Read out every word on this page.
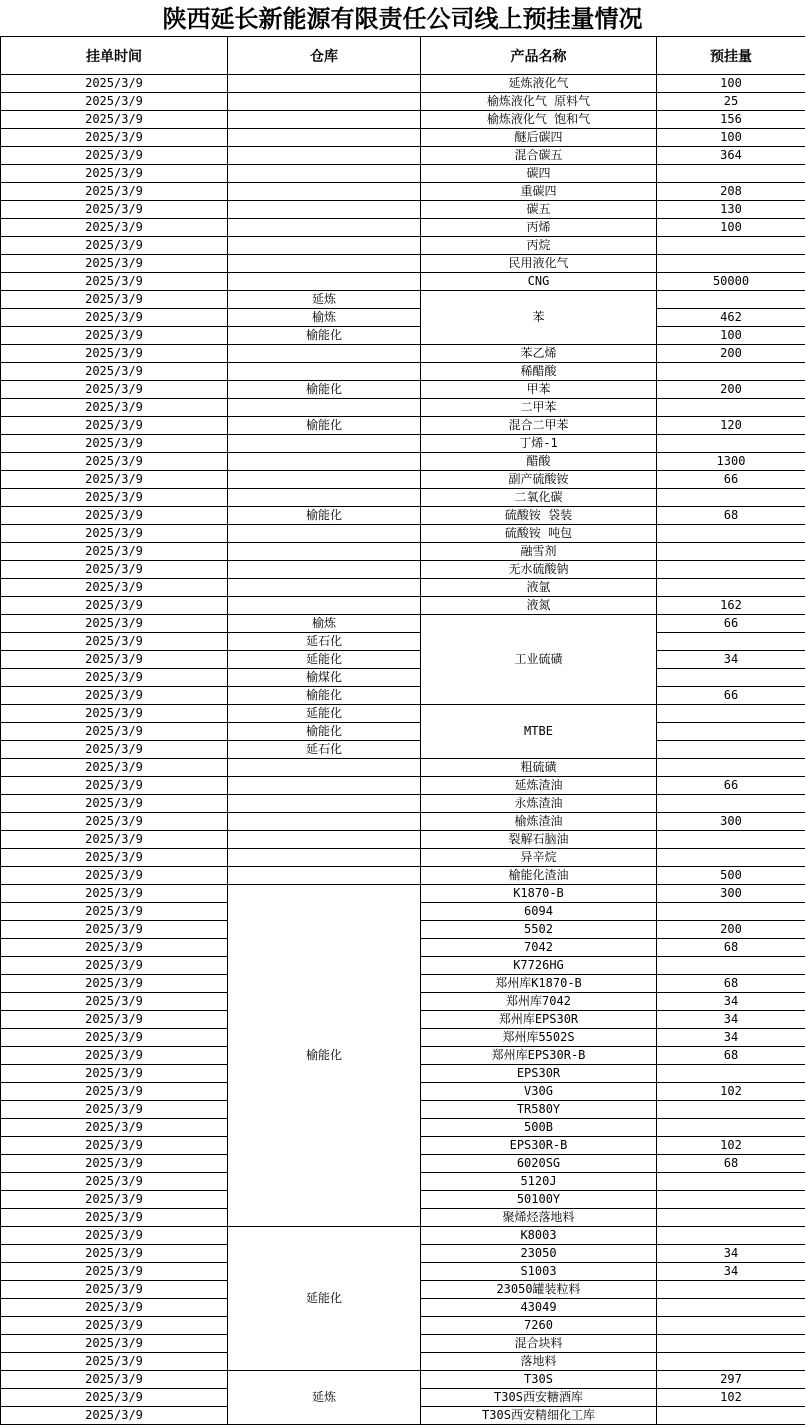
陕西延长新能源有限责任公司线上预挂量情况
挂单时间	仓库	产品名称	预挂量
2025/3/9		延炼液化气	100
2025/3/9		榆炼液化气 原料气	25
2025/3/9		榆炼液化气 饱和气	156
2025/3/9		醚后碳四	100
2025/3/9		混合碳五	364
2025/3/9		碳四	
2025/3/9		重碳四	208
2025/3/9		碳五	130
2025/3/9		丙烯	100
2025/3/9		丙烷	
2025/3/9		民用液化气	
2025/3/9		CNG	50000
2025/3/9	延炼	苯	
2025/3/9	榆炼		462
2025/3/9	榆能化		100
2025/3/9		苯乙烯	200
2025/3/9		稀醋酸	
2025/3/9	榆能化	甲苯	200
2025/3/9		二甲苯	
2025/3/9	榆能化	混合二甲苯	120
2025/3/9		丁烯-1	
2025/3/9		醋酸	1300
2025/3/9		副产硫酸铵	66
2025/3/9		二氧化碳	
2025/3/9	榆能化	硫酸铵 袋装	68
2025/3/9		硫酸铵 吨包	
2025/3/9		融雪剂	
2025/3/9		无水硫酸钠	
2025/3/9		液氩	
2025/3/9		液氮	162
2025/3/9	榆炼	工业硫磺	66
2025/3/9	延石化		
2025/3/9	延能化		34
2025/3/9	榆煤化		
2025/3/9	榆能化		66
2025/3/9	延能化	MTBE	
2025/3/9	榆能化		
2025/3/9	延石化		
2025/3/9		粗硫磺	
2025/3/9		延炼渣油	66
2025/3/9		永炼渣油	
2025/3/9		榆炼渣油	300
2025/3/9		裂解石脑油	
2025/3/9		异辛烷	
2025/3/9		榆能化渣油	500
2025/3/9	榆能化	K1870-B	300
2025/3/9		6094	
2025/3/9		5502	200
2025/3/9		7042	68
2025/3/9		K7726HG	
2025/3/9		郑州库K1870-B	68
2025/3/9		郑州库7042	34
2025/3/9		郑州库EPS30R	34
2025/3/9		郑州库5502S	34
2025/3/9		郑州库EPS30R-B	68
2025/3/9		EPS30R	
2025/3/9		V30G	102
2025/3/9		TR580Y	
2025/3/9		500B	
2025/3/9		EPS30R-B	102
2025/3/9		6020SG	68
2025/3/9		5120J	
2025/3/9		50100Y	
2025/3/9		聚烯烃落地料	
2025/3/9	延能化	K8003	
2025/3/9		23050	34
2025/3/9		S1003	34
2025/3/9		23050罐装粒料	
2025/3/9		43049	
2025/3/9		7260	
2025/3/9		混合块料	
2025/3/9		落地料	
2025/3/9	延炼	T30S	297
2025/3/9		T30S西安糖酒库	102
2025/3/9		T30S西安精细化工库	
